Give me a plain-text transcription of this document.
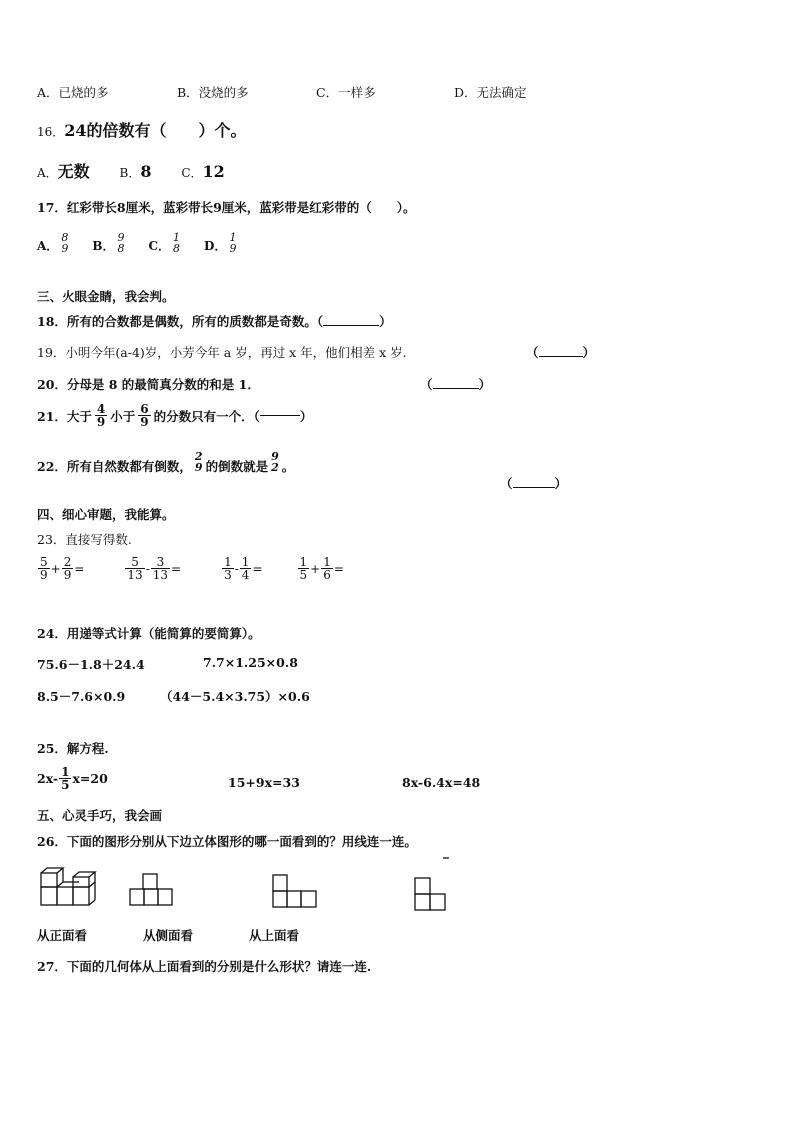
A．已烧的多	B．没烧的多	C．一样多	D．无法确定
16．24的倍数有（　　）个。
A．无数 B．8 C．12
17．红彩带长8厘米，蓝彩带长9厘米，蓝彩带是红彩带的（　　）。
A．
8
9 B．
9
8 C．
1
8 D．
1
9
三、火眼金睛，我会判。
18．所有的合数都是偶数，所有的质数都是奇数。（	）
19．小明今年(a-4)岁，小芳今年 a 岁，再过 x 年，他们相差 x 岁.	（	）
20．分母是 8 的最简真分数的和是 1．	（	）
21．大于 $\frac{4}{9}$ 小于 $\frac{6}{9}$ 的分数只有一个．（	）
22．所有自然数都有倒数，
2
9 的倒数就是
9
2 。
（	）
四、细心审题，我能算。
23．直接写得数.
$\frac{5}{9} + \frac{2}{9}$ =	$\frac{5}{13} - \frac{3}{13}$ =	$\frac{1}{3} - \frac{1}{4}$ =	$\frac{1}{5} + \frac{1}{6}$ =
24．用递等式计算（能简算的要简算）。
75.6－1.8＋24.4	7.7×1.25×0.8
8.5－7.6×0.9	（44－5.4×3.75）×0.6
25．解方程.
$2x- \frac{1}{5} x=20$	15+9x=33	8x-6.4x=48
五、心灵手巧，我会画
26．下面的图形分别从下边立体图形的哪一面看到的？用线连一连。
从正面看	从侧面看	从上面看
27．下面的几何体从上面看到的分别是什么形状？请连一连.
